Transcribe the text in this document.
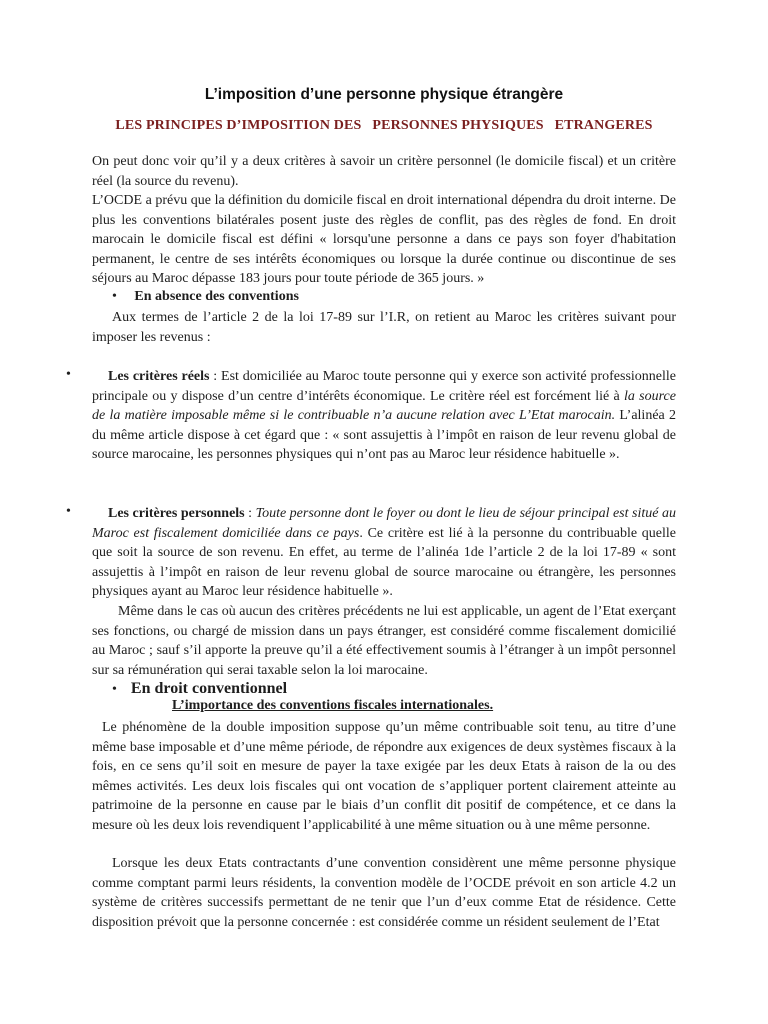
L’imposition d’une personne physique étrangère

LES PRINCIPES D’IMPOSITION DES   PERSONNES PHYSIQUES   ETRANGERES

On peut donc voir qu’il y a deux critères à savoir un critère personnel (le domicile fiscal) et un critère réel (la source du revenu).

L’OCDE a prévu que la définition du domicile fiscal en droit international dépendra du droit interne. De plus les conventions bilatérales posent juste des règles de conflit, pas des règles de fond. En droit marocain le domicile fiscal est défini « lorsqu'une personne a dans ce pays son foyer d'habitation permanent, le centre de ses intérêts économiques ou lorsque la durée continue ou discontinue de ses séjours au Maroc dépasse 183 jours pour toute période de 365 jours. »

• En absence des conventions

Aux termes de l’article 2 de la loi 17-89 sur l’I.R, on retient au Maroc les critères suivant pour imposer les revenus :

•	Les critères réels : Est domiciliée au Maroc toute personne qui y exerce son activité professionnelle principale ou y dispose d’un centre d’intérêts économique. Le critère réel est forcément lié à la source de la matière imposable même si le contribuable n’a aucune relation avec L’Etat marocain. L’alinéa 2 du même article dispose à cet égard que : « sont assujettis à l’impôt en raison de leur revenu global de source marocaine, les personnes physiques qui n’ont pas au Maroc leur résidence habituelle ».

•	Les critères personnels : Toute personne dont le foyer ou dont le lieu de séjour principal est situé au Maroc est fiscalement domiciliée dans ce pays. Ce critère est lié à la personne du contribuable quelle que soit la source de son revenu. En effet, au terme de l’alinéa 1de l’article 2 de la loi 17-89 « sont assujettis à l’impôt en raison de leur revenu global de source marocaine ou étrangère, les personnes physiques ayant au Maroc leur résidence habituelle ».

Même dans le cas où aucun des critères précédents ne lui est applicable, un agent de l’Etat exerçant ses fonctions, ou chargé de mission dans un pays étranger, est considéré comme fiscalement domicilié au Maroc ; sauf s’il apporte la preuve qu’il a été effectivement soumis à l’étranger à un impôt personnel sur sa rémunération qui serai taxable selon la loi marocaine.

• En droit conventionnel

L’importance des conventions fiscales internationales.

Le phénomène de la double imposition suppose qu’un même contribuable soit tenu, au titre d’une même base imposable et d’une même période, de répondre aux exigences de deux systèmes fiscaux à la fois, en ce sens qu’il soit en mesure de payer la taxe exigée par les deux Etats à raison de la ou des mêmes activités. Les deux lois fiscales qui ont vocation de s’appliquer portent clairement atteinte au patrimoine de la personne en cause par le biais d’un conflit dit positif de compétence, et ce dans la mesure où les deux lois revendiquent l’applicabilité à une même situation ou à une même personne.

Lorsque les deux Etats contractants d’une convention considèrent une même personne physique comme comptant parmi leurs résidents, la convention modèle de l’OCDE prévoit en son article 4.2 un système de critères successifs permettant de ne tenir que l’un d’eux comme Etat de résidence. Cette disposition prévoit que la personne concernée : est considérée comme un résident seulement de l’Etat
